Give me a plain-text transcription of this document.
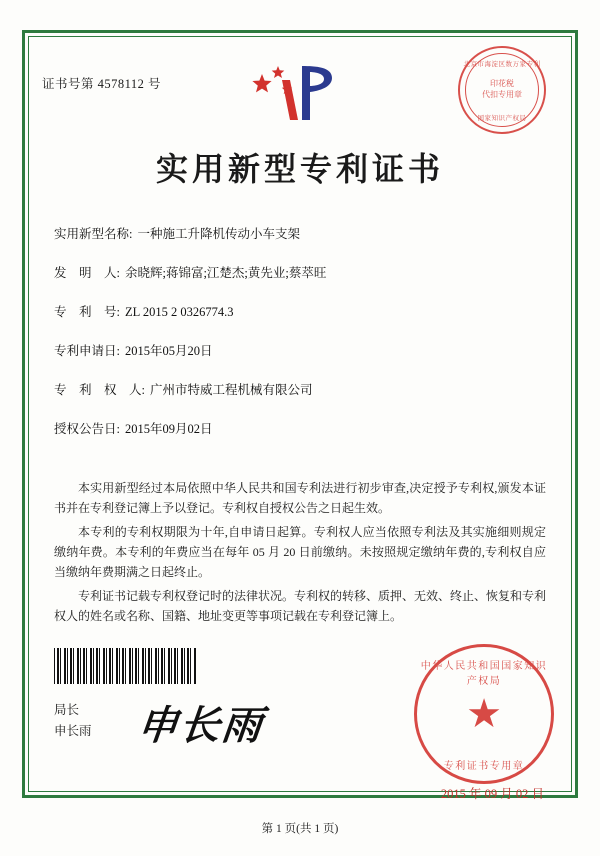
证书号第 4578112 号
北京市海淀区数万家专利
印花税
代扣专用章
国家知识产权局
实用新型专利证书
实用新型名称: 一种施工升降机传动小车支架
发　明　人: 余晓辉;蒋锦富;江楚杰;黄先业;蔡萃旺
专　利　号: ZL 2015 2 0326774.3
专利申请日: 2015年05月20日
专　利　权　人: 广州市特威工程机械有限公司
授权公告日: 2015年09月02日

本实用新型经过本局依照中华人民共和国专利法进行初步审查,决定授予专利权,颁发本证书并在专利登记簿上予以登记。专利权自授权公告之日起生效。

本专利的专利权期限为十年,自申请日起算。专利权人应当依照专利法及其实施细则规定缴纳年费。本专利的年费应当在每年 05 月 20 日前缴纳。未按照规定缴纳年费的,专利权自应当缴纳年费期满之日起终止。

专利证书记载专利权登记时的法律状况。专利权的转移、质押、无效、终止、恢复和专利权人的姓名或名称、国籍、地址变更等事项记载在专利登记簿上。

局长
申长雨 申长雨
中华人民共和国国家知识产权局
★
专利证书专用章
2015 年 09 月 02 日
第 1 页(共 1 页)
